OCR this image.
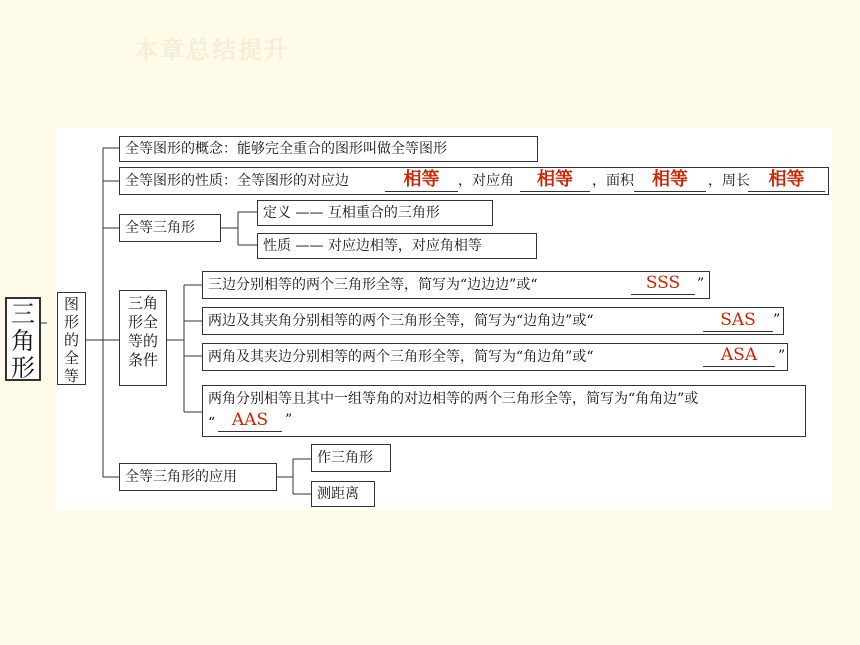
本章总结提升
三角形
图形的全等
全等图形的概念：能够完全重合的图形叫做全等图形
全等图形的性质：全等图形的对应边	相等	，对应角	相等	，面积	相等	，周长	相等
全等三角形
定义 —— 互相重合的三角形
性质 —— 对应边相等，对应角相等
三角形全等的条件
三边分别相等的两个三角形全等，简写为“边边边”或“	SSS	”
两边及其夹角分别相等的两个三角形全等，简写为“边角边”或“	SAS	”
两角及其夹边分别相等的两个三角形全等，简写为“角边角”或“	ASA	”
两角分别相等且其中一组等角的对边相等的两个三角形全等，简写为“角角边”或
“ AAS	”
全等三角形的应用
作三角形
测距离
